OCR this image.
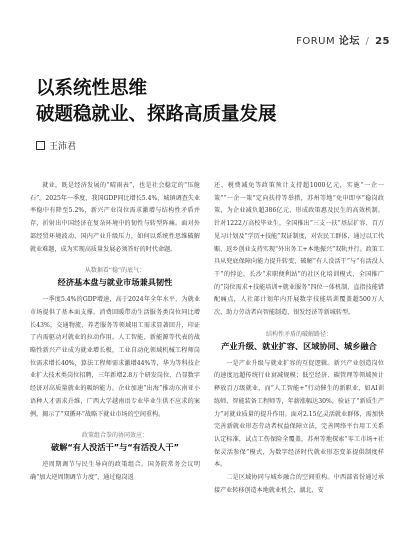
FORUM 论坛 / 25
以系统性思维
破题稳就业、探路高质量发展
王沛君

就业，既是经济发展的“晴雨表”，也是社会稳定的“压舱石”。2025年一季度，我国GDP同比增长5.4%，城镇调查失业率稳中有降至5.2%，新兴产业岗位需求激增与结构性矛盾并存，折射出中国经济在复杂环境中的韧性与转型阵痛。面对外部经贸环境波动、国内产业升级压力，如何以系统性思维破解就业难题，成为实现高质量发展必须答好的时代命题。

从数据看“稳”的底气：
经济基本盘与就业市场兼具韧性

一季度5.4%的GDP增速，高于2024年全年水平，为就业市场提供了基本面支撑。消费回暖带动生活服务类岗位同比增长43%，交通物流、养老服务等领域用工需求显著回升，印证了内需驱动对就业的拉动作用。人工智能、新能源等代表的战略性新兴产业成为就业增长极，工业自动化领域机械工程师岗位需求增长40%，算法工程师需求激增44%等，华为等科技企业扩大技术类岗位招聘，三年新增2.8万个研发岗位，凸显数字经济对高质量就业的吸纳能力。企业加速“出海”推动东南亚小语种人才需求升维，广西大学越南语专业毕业生供不应求的案例，揭示了“双循环”战略下就业市场的空间重构。

政策组合拳的协同效应：
破解“有人没活干”与“有活没人干”

逆周期调节与民生导向的政策组合。国务院常务会议明确“加大逆周期调节力度”，通过稳岗返

还、税费减免等政策预计支持超1000亿元，实施“一企一策”“一企一策”定向扶持等举措，苏州等地“免申即享”稳岗政策，为企业减负超386亿元，形成政策惠及民生的高效机制。针对1222万高校毕业生，全国推出“三支一扶”基层扩容、百万见习计划及“学历+技能”双证制度，对农民工群体，通过以工代赈、返乡创业支持实现“外出务工+本地振兴”双轨并行。政策工具从兜底保障向能力提升转变，破解“有人没活干”与“有活没人干”的悖论。长沙“求职便利站”的社区化培训模式，全国推广的“岗位需求+技能培训+就业服务”四位一体机制，直指技能错配痛点，人社部计划年内开展数字技能培训覆盖超500万人次，助力劳动者向智能制造、银发经济等新城转型。

结构性矛盾的破解路径：
产业升级、就业扩容、区域协同、城乡融合

一是产业升级与就业扩容的互促逻辑。新兴产业创造岗位的速度远超传统行业衰减规模；低空经济、碳管理等领域预计释放百万级就业，而“人工智能+”行动催生的新职业，如AI训练师、智能装备工程师等，年薪涨幅达30%，验证了“新质生产力”对就业质量的提升作用。面对2.15亿灵活就业群体，需加快完善新就业形态劳动者权益保障立法，完善网络平台用工关系认定标准，试点工伤保险全覆盖，苏州等地探索“零工市场+社保灵活参保”模式，为数字经济时代就业形态变革提供制度样本。

二是区域协同与城乡融合的空间重构。中西部省份通过承接产业转移创造本地就业机会，湖北、安
